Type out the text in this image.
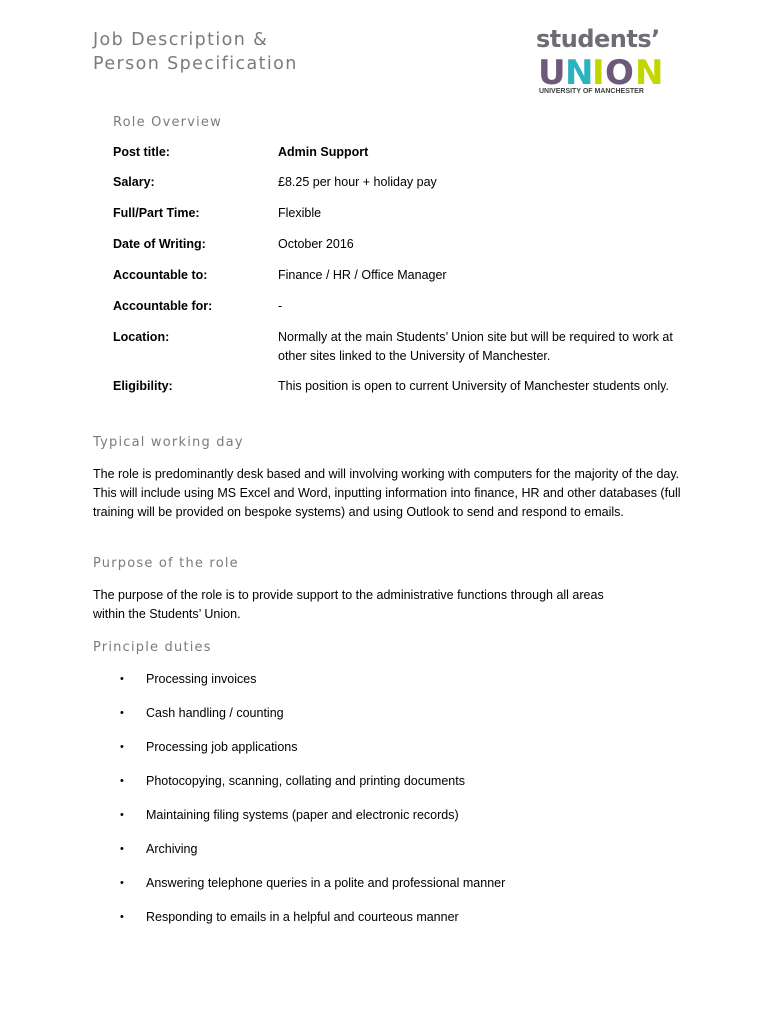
Job Description &
Person Specification
students’
U N
I O N
UNIVERSITY OF MANCHESTER
Role Overview
Post title:	Admin Support
Salary:	£8.25 per hour + holiday pay
Full/Part Time:	Flexible
Date of Writing:	October 2016
Accountable to:	Finance / HR / Office Manager
Accountable for:	-
Location:	Normally at the main Students’ Union site but will be required to work at other sites linked to the University of Manchester.
Eligibility:	This position is open to current University of Manchester students only.
Typical working day

The role is predominantly desk based and will involving working with computers for the majority of the day. This will include using MS Excel and Word, inputting information into finance, HR and other databases (full training will be provided on bespoke systems) and using Outlook to send and respond to emails.

Purpose of the role

The purpose of the role is to provide support to the administrative functions through all areas within the Students’ Union.

Principle duties
• Processing invoices
• Cash handling / counting
• Processing job applications
• Photocopying, scanning, collating and printing documents
• Maintaining filing systems (paper and electronic records)
• Archiving
• Answering telephone queries in a polite and professional manner
• Responding to emails in a helpful and courteous manner
